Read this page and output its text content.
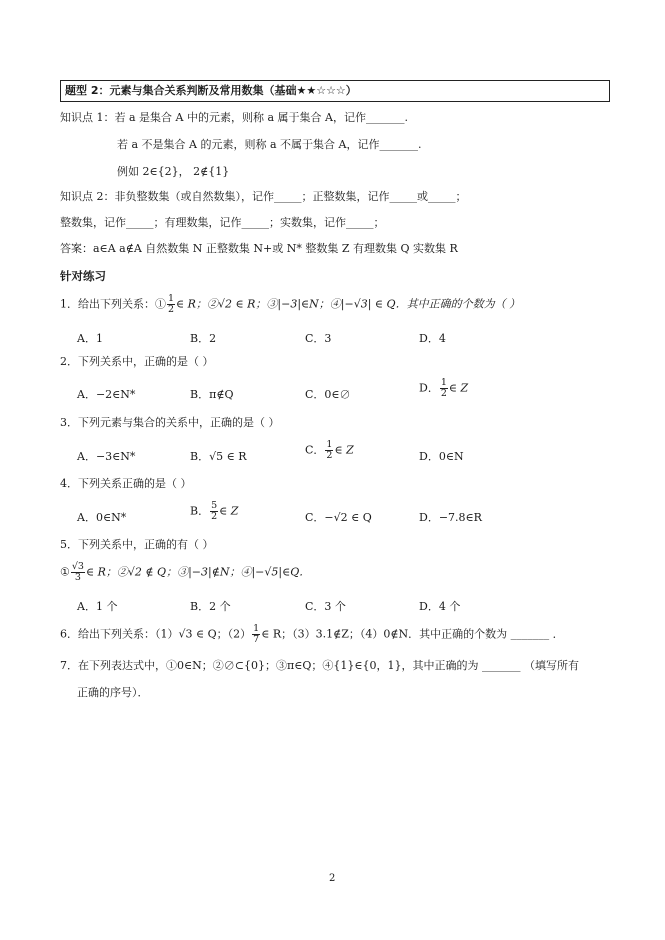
题型 2：元素与集合关系判断及常用数集（基础★★☆☆☆）
知识点 1：若 a 是集合 A 中的元素，则称 a 属于集合 A，记作_______.
若 a 不是集合 A 的元素，则称 a 不属于集合 A，记作_______.
例如 2∈{2}， 2∉{1}
知识点 2：非负整数集（或自然数集），记作_____；正整数集，记作_____或_____；
整数集，记作_____；有理数集，记作_____；实数集，记作_____；
答案：a∈A a∉A 自然数集 N 正整数集 N+或 N* 整数集 Z 有理数集 Q 实数集 R
针对练习
1．给出下列关系：① $\frac{1}{2}$ ∈ R；②√2 ∈ R；③|−3|∈N；④|−√3| ∈ Q．其中正确的个数为（ ）
A．1	B．2	C．3	D．4
2．下列关系中，正确的是（ ）
A．−2∈N*	B．π∉Q	C．0∈∅	D． $\frac{1}{2}$ ∈ Z
3．下列元素与集合的关系中，正确的是（ ）
A．−3∈N*	B．√5 ∈ R	C． $\frac{1}{2}$ ∈ Z	D．0∈N
4．下列关系正确的是（ ）
A．0∈N*	B． $\frac{5}{2}$ ∈ Z	C．−√2 ∈ Q	D．−7.8∈R
5．下列关系中，正确的有（ ）
① $\frac{√3}{3}$ ∈ R；②√2 ∉ Q；③|−3|∉N；④|−√5|∈Q．
A．1 个	B．2 个	C．3 个	D．4 个
6．给出下列关系：（1）√3 ∈ Q；$(2) \frac{1}{7}$ ∈ R；（3）3.1∉Z；（4）0∉N．其中正确的个数为 _______ ．
7．在下列表达式中，①0∈N；②∅⊂{0}；③π∈Q；④{1}∈{0，1}，其中正确的为 _______ （填写所有
正确的序号）．
2
